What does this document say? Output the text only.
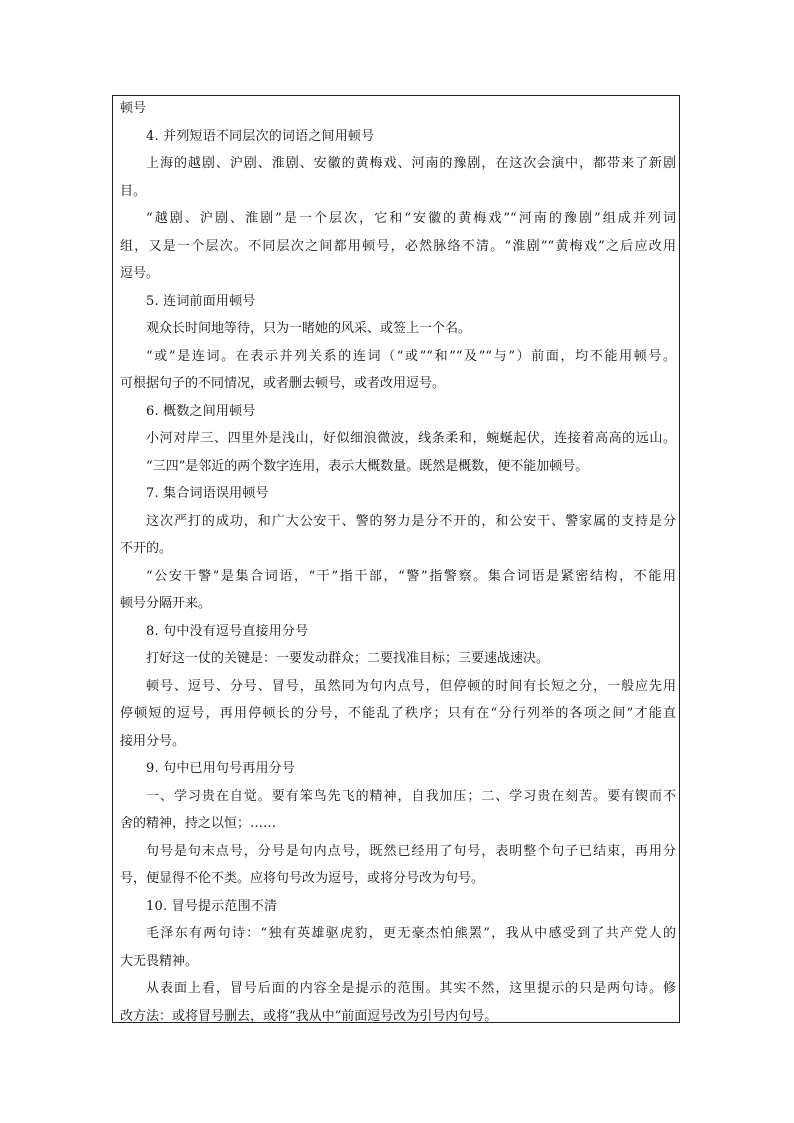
顿号

4. 并列短语不同层次的词语之间用顿号

上海的越剧、沪剧、淮剧、安徽的黄梅戏、河南的豫剧，在这次会演中，都带来了新剧

目。

“越剧、沪剧、淮剧”是一个层次，它和“安徽的黄梅戏”“河南的豫剧”组成并列词

组，又是一个层次。不同层次之间都用顿号，必然脉络不清。“淮剧”“黄梅戏”之后应改用

逗号。

5. 连词前面用顿号

观众长时间地等待，只为一睹她的风采、或签上一个名。

“或”是连词。在表示并列关系的连词（“或”“和”“及”“与”）前面，均不能用顿号。

可根据句子的不同情况，或者删去顿号，或者改用逗号。

6. 概数之间用顿号

小河对岸三、四里外是浅山，好似细浪微波，线条柔和，蜿蜒起伏，连接着高高的远山。

“三四”是邻近的两个数字连用，表示大概数量。既然是概数，便不能加顿号。

7. 集合词语误用顿号

这次严打的成功，和广大公安干、警的努力是分不开的，和公安干、警家属的支持是分

不开的。

“公安干警”是集合词语，“干”指干部，“警”指警察。集合词语是紧密结构，不能用

顿号分隔开来。

8. 句中没有逗号直接用分号

打好这一仗的关键是：一要发动群众；二要找准目标；三要速战速决。

顿号、逗号、分号、冒号，虽然同为句内点号，但停顿的时间有长短之分，一般应先用

停顿短的逗号，再用停顿长的分号，不能乱了秩序；只有在“分行列举的各项之间”才能直

接用分号。

9. 句中已用句号再用分号

一、学习贵在自觉。要有笨鸟先飞的精神，自我加压；二、学习贵在刻苦。要有锲而不

舍的精神，持之以恒；……

句号是句末点号，分号是句内点号，既然已经用了句号，表明整个句子已结束，再用分

号，便显得不伦不类。应将句号改为逗号，或将分号改为句号。

10. 冒号提示范围不清

毛泽东有两句诗：“独有英雄驱虎豹，更无豪杰怕熊罴”，我从中感受到了共产党人的

大无畏精神。

从表面上看，冒号后面的内容全是提示的范围。其实不然，这里提示的只是两句诗。修

改方法：或将冒号删去，或将“我从中”前面逗号改为引号内句号。
